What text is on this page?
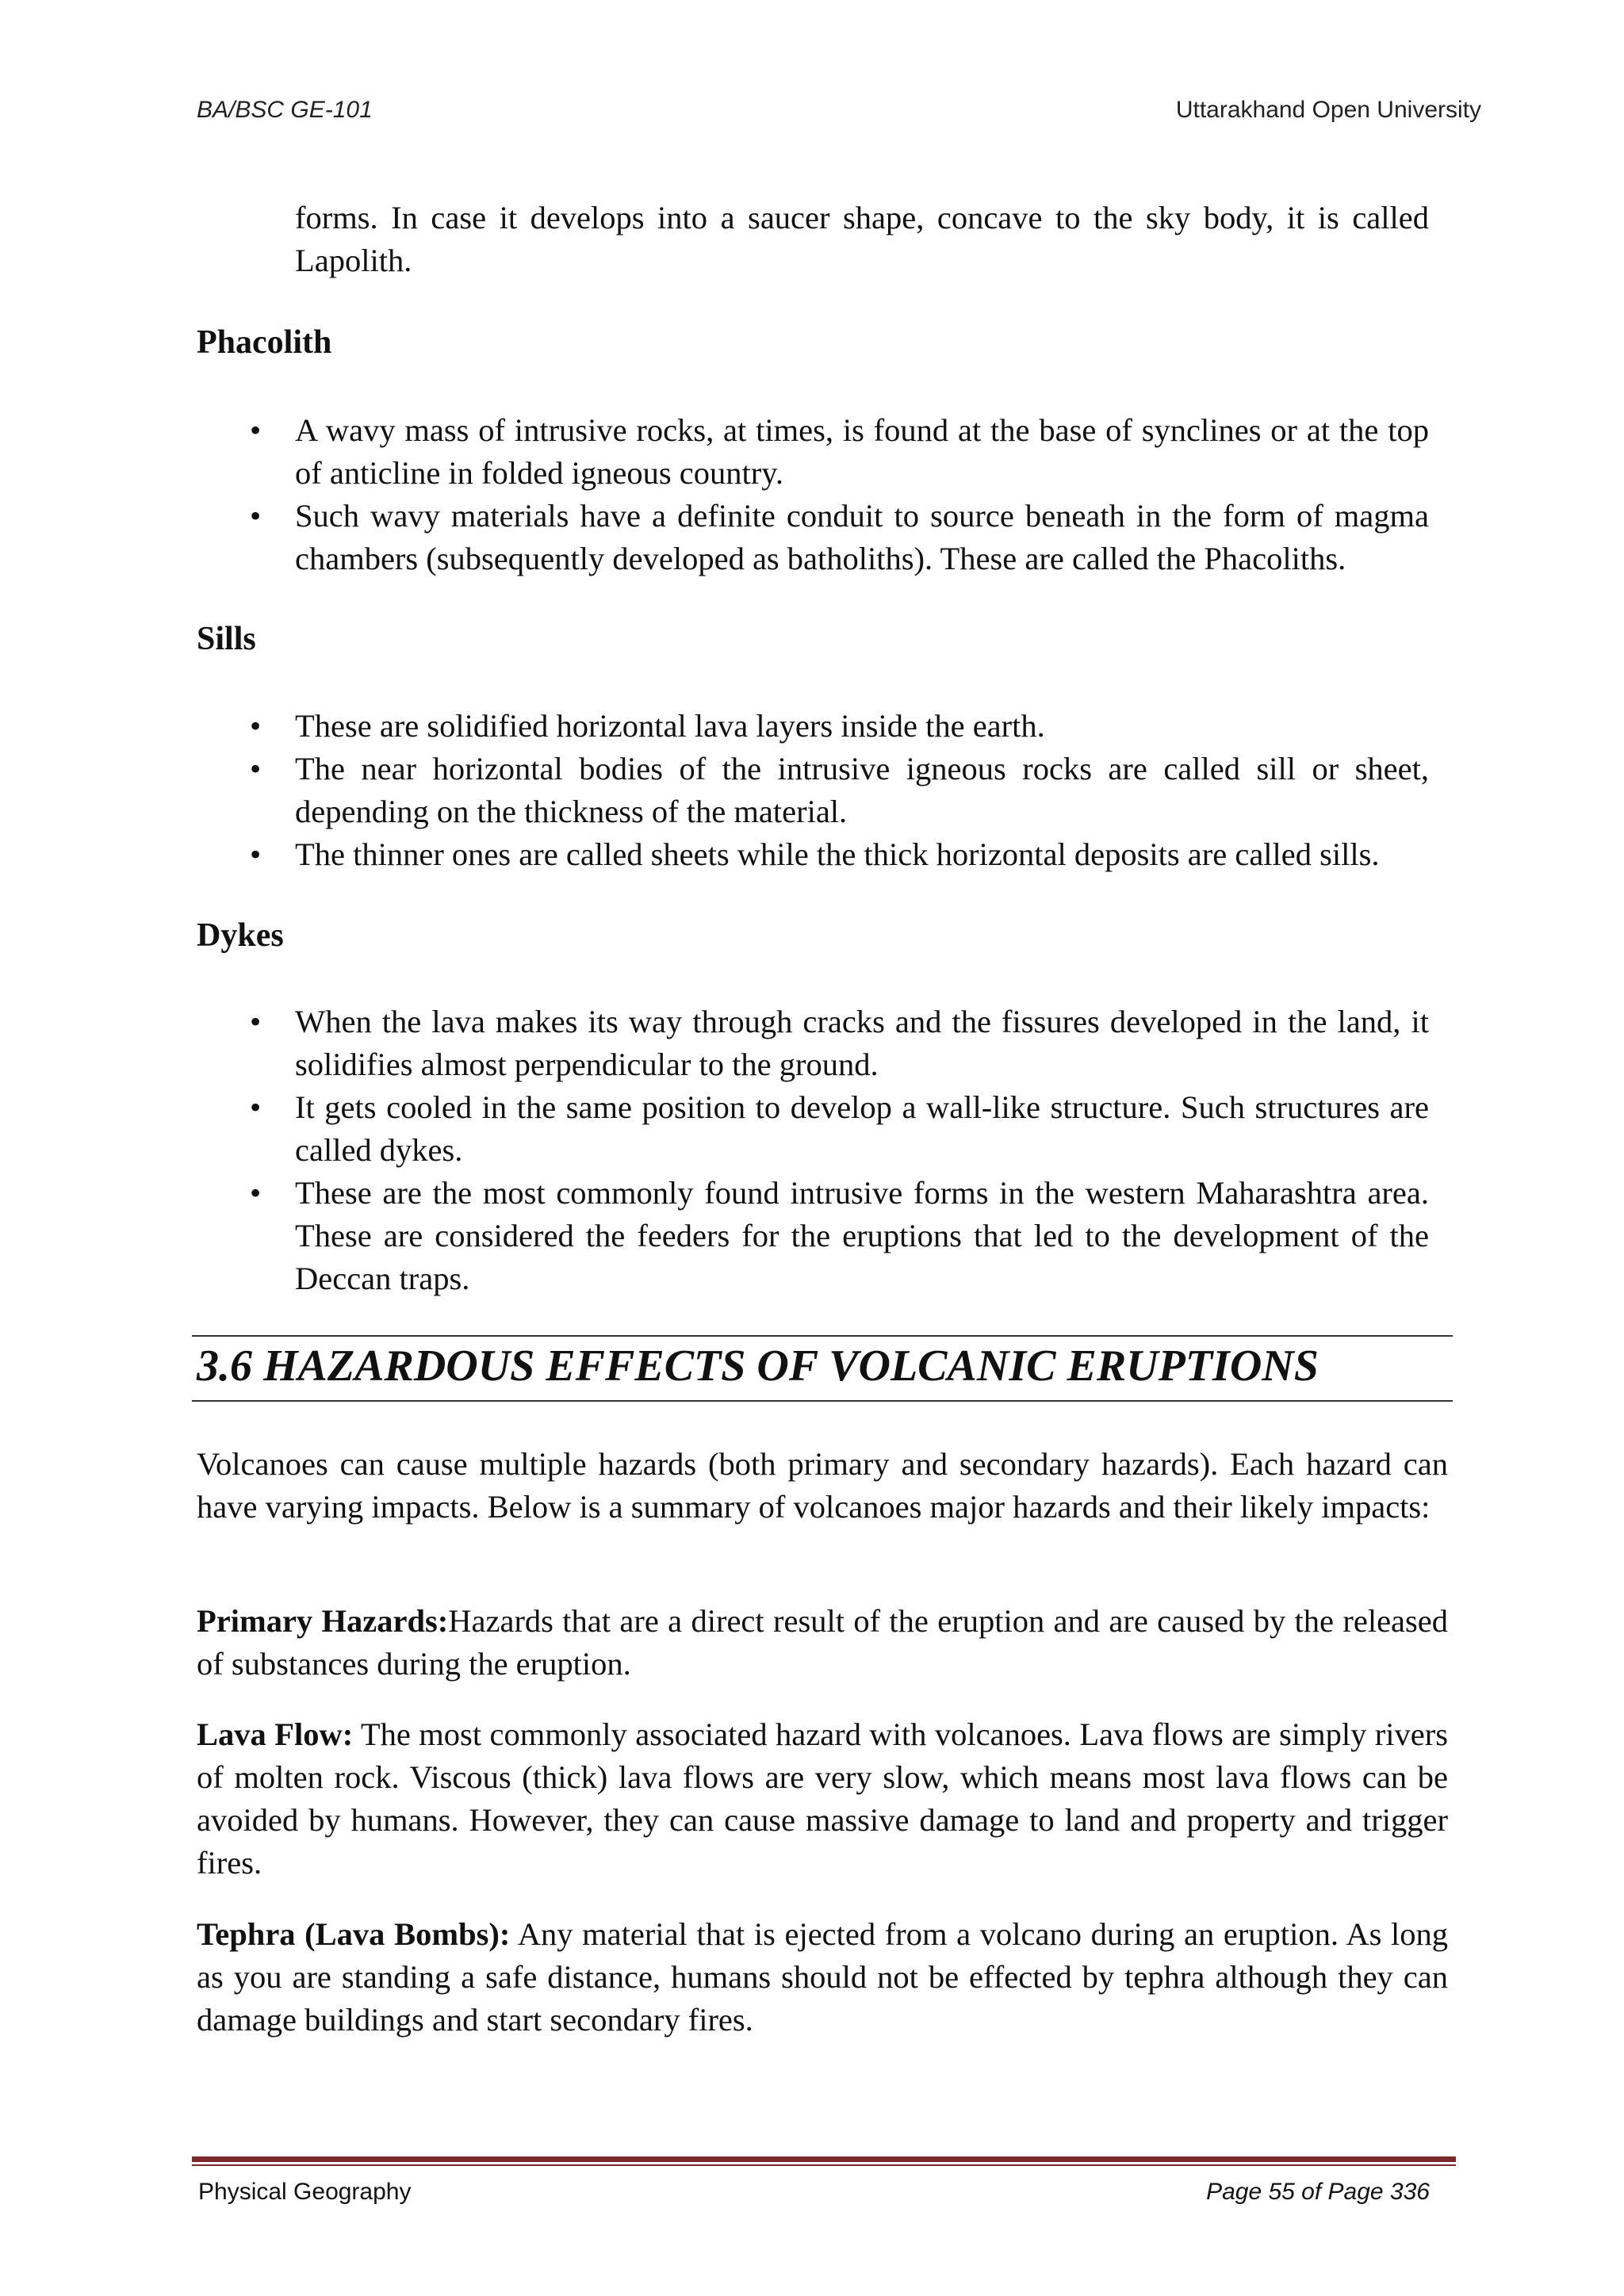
BA/BSC GE-101	Uttarakhand Open University
forms. In case it develops into a saucer shape, concave to the sky body, it is called Lapolith.
Phacolith
• A wavy mass of intrusive rocks, at times, is found at the base of synclines or at the top of anticline in folded igneous country.
• Such wavy materials have a definite conduit to source beneath in the form of magma chambers (subsequently developed as batholiths). These are called the Phacoliths.
Sills
• These are solidified horizontal lava layers inside the earth.
• The near horizontal bodies of the intrusive igneous rocks are called sill or sheet, depending on the thickness of the material.
• The thinner ones are called sheets while the thick horizontal deposits are called sills.
Dykes
• When the lava makes its way through cracks and the fissures developed in the land, it solidifies almost perpendicular to the ground.
• It gets cooled in the same position to develop a wall-like structure. Such structures are called dykes.
• These are the most commonly found intrusive forms in the western Maharashtra area. These are considered the feeders for the eruptions that led to the development of the Deccan traps.
3.6 HAZARDOUS EFFECTS OF VOLCANIC ERUPTIONS
Volcanoes can cause multiple hazards (both primary and secondary hazards). Each hazard can have varying impacts. Below is a summary of volcanoes major hazards and their likely impacts:
Primary Hazards:Hazards that are a direct result of the eruption and are caused by the released of substances during the eruption.
Lava Flow: The most commonly associated hazard with volcanoes. Lava flows are simply rivers of molten rock. Viscous (thick) lava flows are very slow, which means most lava flows can be avoided by humans. However, they can cause massive damage to land and property and trigger fires.
Tephra (Lava Bombs): Any material that is ejected from a volcano during an eruption. As long as you are standing a safe distance, humans should not be effected by tephra although they can damage buildings and start secondary fires.
Physical Geography	Page 55 of Page 336
